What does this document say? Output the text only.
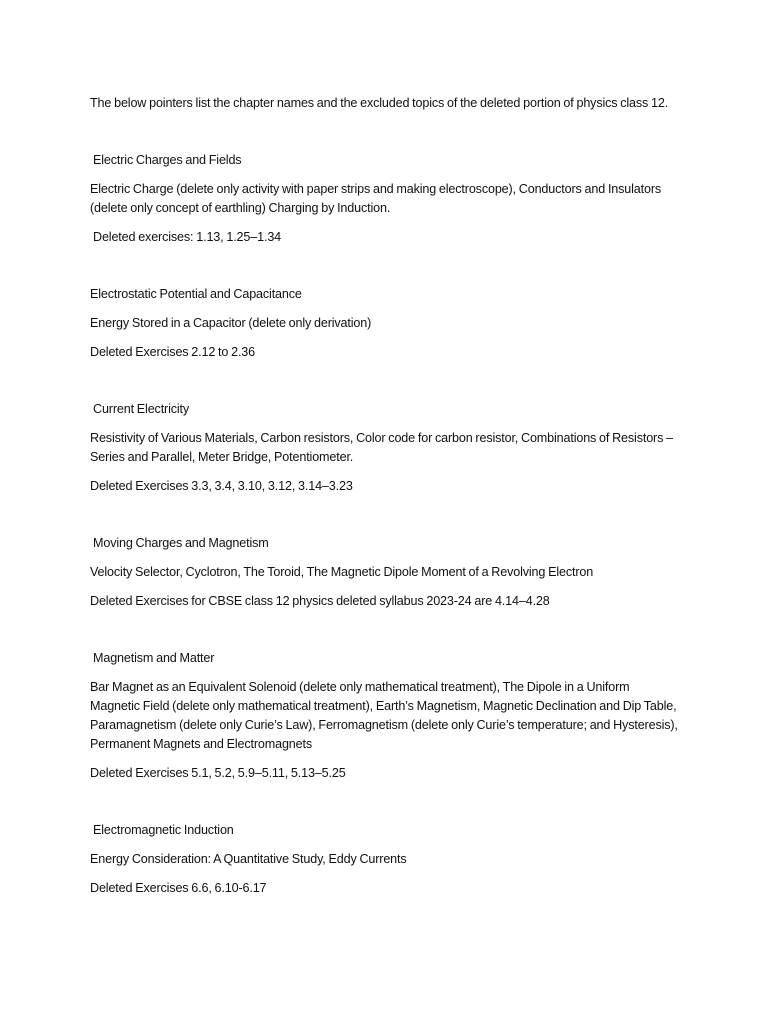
The below pointers list the chapter names and the excluded topics of the deleted portion of physics class 12.

Electric Charges and Fields

Electric Charge (delete only activity with paper strips and making electroscope), Conductors and Insulators (delete only concept of earthling) Charging by Induction.

Deleted exercises: 1.13, 1.25–1.34

Electrostatic Potential and Capacitance

Energy Stored in a Capacitor (delete only derivation)

Deleted Exercises 2.12 to 2.36

Current Electricity

Resistivity of Various Materials, Carbon resistors, Color code for carbon resistor, Combinations of Resistors – Series and Parallel, Meter Bridge, Potentiometer.

Deleted Exercises 3.3, 3.4, 3.10, 3.12, 3.14–3.23

Moving Charges and Magnetism

Velocity Selector, Cyclotron, The Toroid, The Magnetic Dipole Moment of a Revolving Electron

Deleted Exercises for CBSE class 12 physics deleted syllabus 2023-24 are 4.14–4.28

Magnetism and Matter

Bar Magnet as an Equivalent Solenoid (delete only mathematical treatment), The Dipole in a Uniform Magnetic Field (delete only mathematical treatment), Earth’s Magnetism, Magnetic Declination and Dip Table, Paramagnetism (delete only Curie’s Law), Ferromagnetism (delete only Curie’s temperature; and Hysteresis), Permanent Magnets and Electromagnets

Deleted Exercises 5.1, 5.2, 5.9–5.11, 5.13–5.25

Electromagnetic Induction

Energy Consideration: A Quantitative Study, Eddy Currents

Deleted Exercises 6.6, 6.10-6.17
